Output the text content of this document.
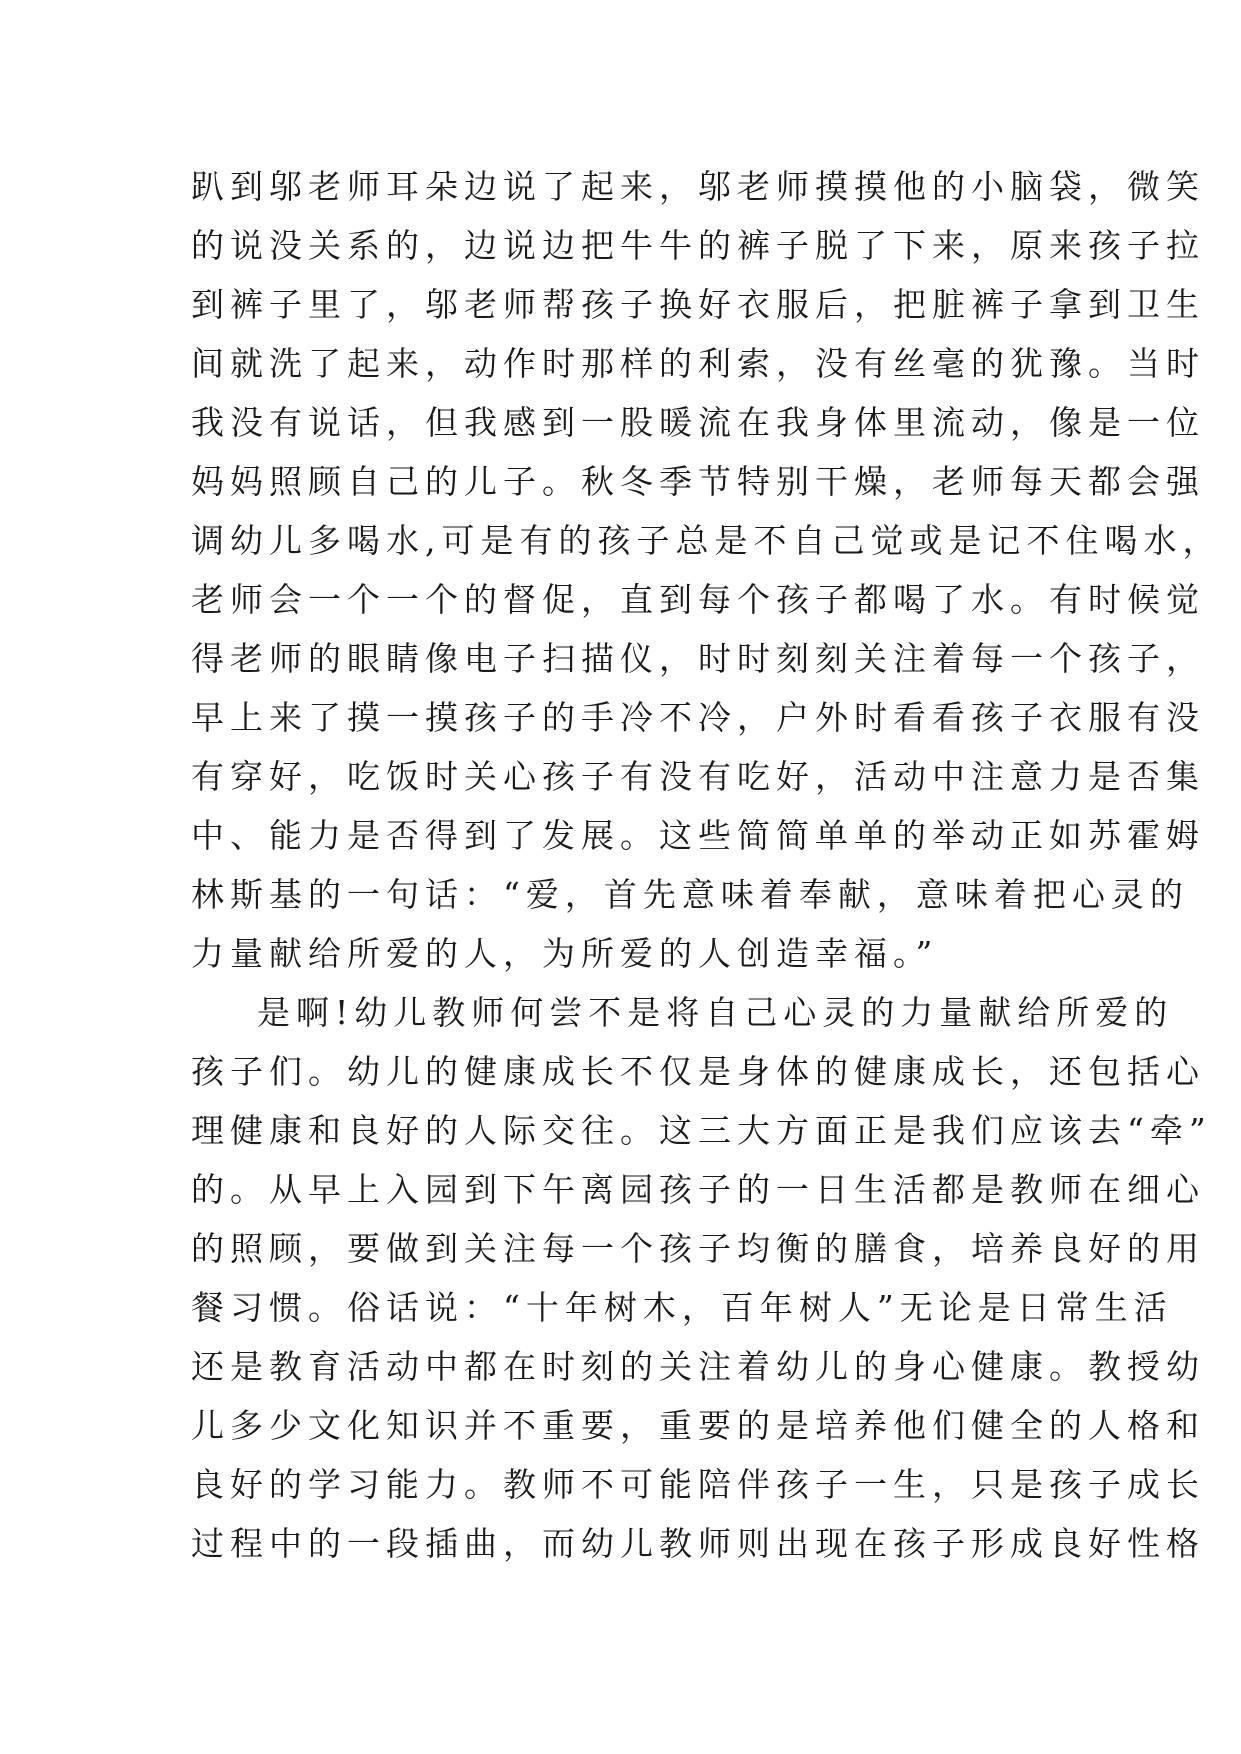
趴到邬老师耳朵边说了起来，邬老师摸摸他的小脑袋，微笑
的说没关系的，边说边把牛牛的裤子脱了下来，原来孩子拉
到裤子里了，邬老师帮孩子换好衣服后，把脏裤子拿到卫生
间就洗了起来，动作时那样的利索，没有丝毫的犹豫。当时
我没有说话，但我感到一股暖流在我身体里流动，像是一位
妈妈照顾自己的儿子。秋冬季节特别干燥，老师每天都会强
调幼儿多喝水,可是有的孩子总是不自己觉或是记不住喝水，
老师会一个一个的督促，直到每个孩子都喝了水。有时候觉
得老师的眼睛像电子扫描仪，时时刻刻关注着每一个孩子，
早上来了摸一摸孩子的手冷不冷，户外时看看孩子衣服有没
有穿好，吃饭时关心孩子有没有吃好，活动中注意力是否集
中、能力是否得到了发展。这些简简单单的举动正如苏霍姆
林斯基的一句话：“爱，首先意味着奉献，意味着把心灵的
力量献给所爱的人，为所爱的人创造幸福。”
是啊!幼儿教师何尝不是将自己心灵的力量献给所爱的
孩子们。幼儿的健康成长不仅是身体的健康成长，还包括心
理健康和良好的人际交往。这三大方面正是我们应该去“牵”
的。从早上入园到下午离园孩子的一日生活都是教师在细心
的照顾，要做到关注每一个孩子均衡的膳食，培养良好的用
餐习惯。俗话说：“十年树木，百年树人”无论是日常生活
还是教育活动中都在时刻的关注着幼儿的身心健康。教授幼
儿多少文化知识并不重要，重要的是培养他们健全的人格和
良好的学习能力。教师不可能陪伴孩子一生，只是孩子成长
过程中的一段插曲，而幼儿教师则出现在孩子形成良好性格
